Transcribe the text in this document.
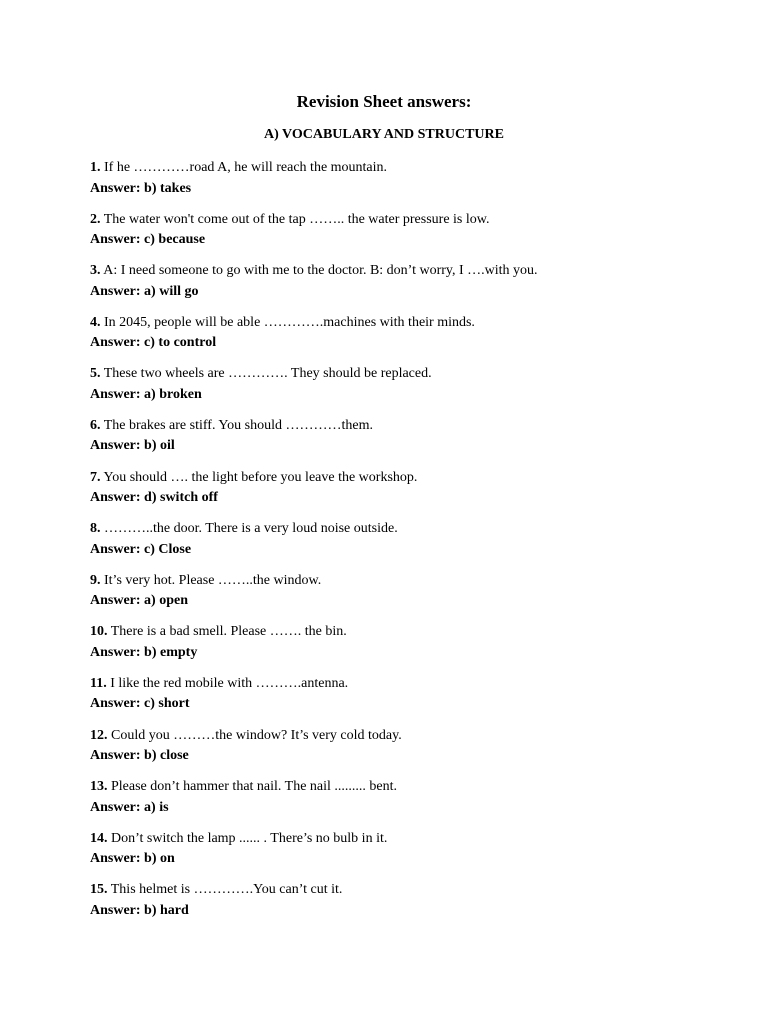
Revision Sheet answers:
A) VOCABULARY AND STRUCTURE
1. If he …………road A, he will reach the mountain.
Answer: b) takes
2. The water won't come out of the tap …….. the water pressure is low.
Answer: c) because
3. A: I need someone to go with me to the doctor. B: don’t worry, I ….with you.
Answer: a) will go
4. In 2045, people will be able ………….machines with their minds.
Answer: c) to control
5. These two wheels are …………. They should be replaced.
Answer: a) broken
6. The brakes are stiff. You should …………them.
Answer: b) oil
7. You should …. the light before you leave the workshop.
Answer: d) switch off
8. ………..the door. There is a very loud noise outside.
Answer: c) Close
9. It’s very hot. Please ……..the window.
Answer: a) open
10. There is a bad smell. Please ……. the bin.
Answer: b) empty
11. I like the red mobile with ……….antenna.
Answer: c) short
12. Could you ………the window? It’s very cold today.
Answer: b) close
13. Please don’t hammer that nail. The nail ......... bent.
Answer: a) is
14. Don’t switch the lamp ...... . There’s no bulb in it.
Answer: b) on
15. This helmet is ………….You can’t cut it.
Answer: b) hard
